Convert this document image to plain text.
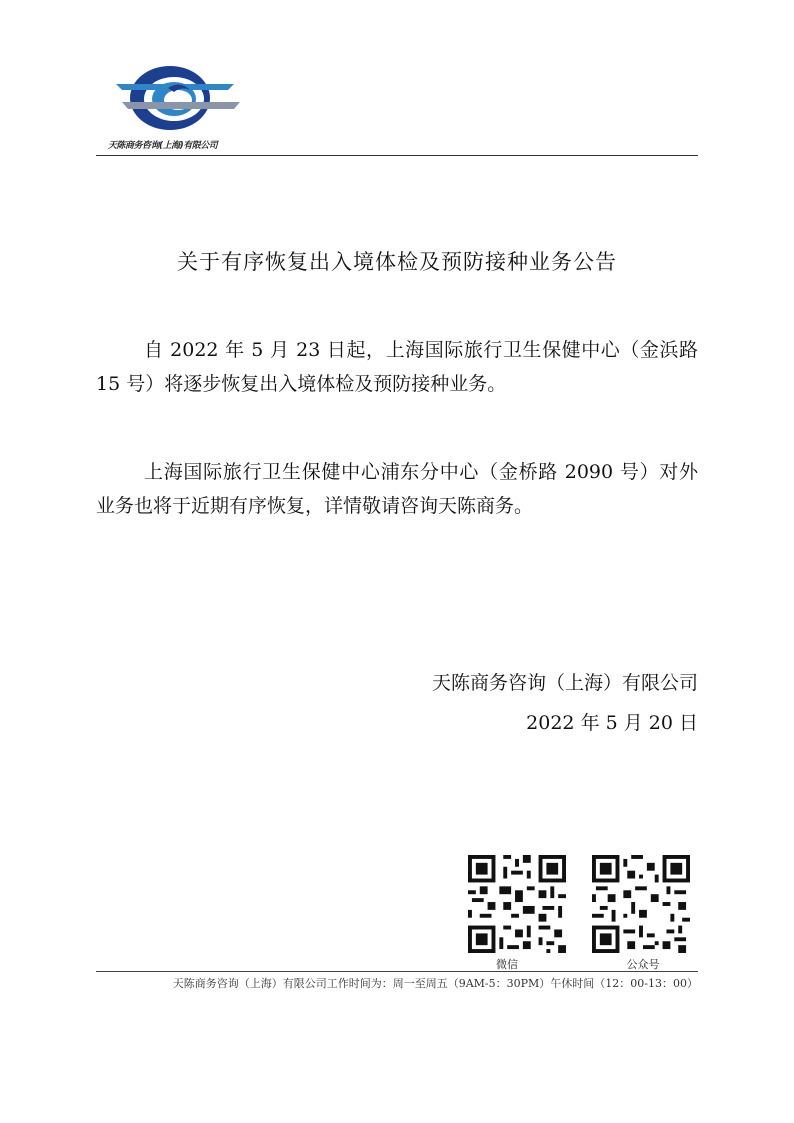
天陈商务咨询(上海)有限公司
关于有序恢复出入境体检及预防接种业务公告

自 2022 年 5 月 23 日起，上海国际旅行卫生保健中心（金浜路 15 号）将逐步恢复出入境体检及预防接种业务。

上海国际旅行卫生保健中心浦东分中心（金桥路 2090 号）对外业务也将于近期有序恢复，详情敬请咨询天陈商务。

天陈商务咨询（上海）有限公司
2022 年 5 月 20 日
微信	公众号
天陈商务咨询（上海）有限公司工作时间为：周一至周五（9AM-5：30PM）午休时间（12：00-13：00）
